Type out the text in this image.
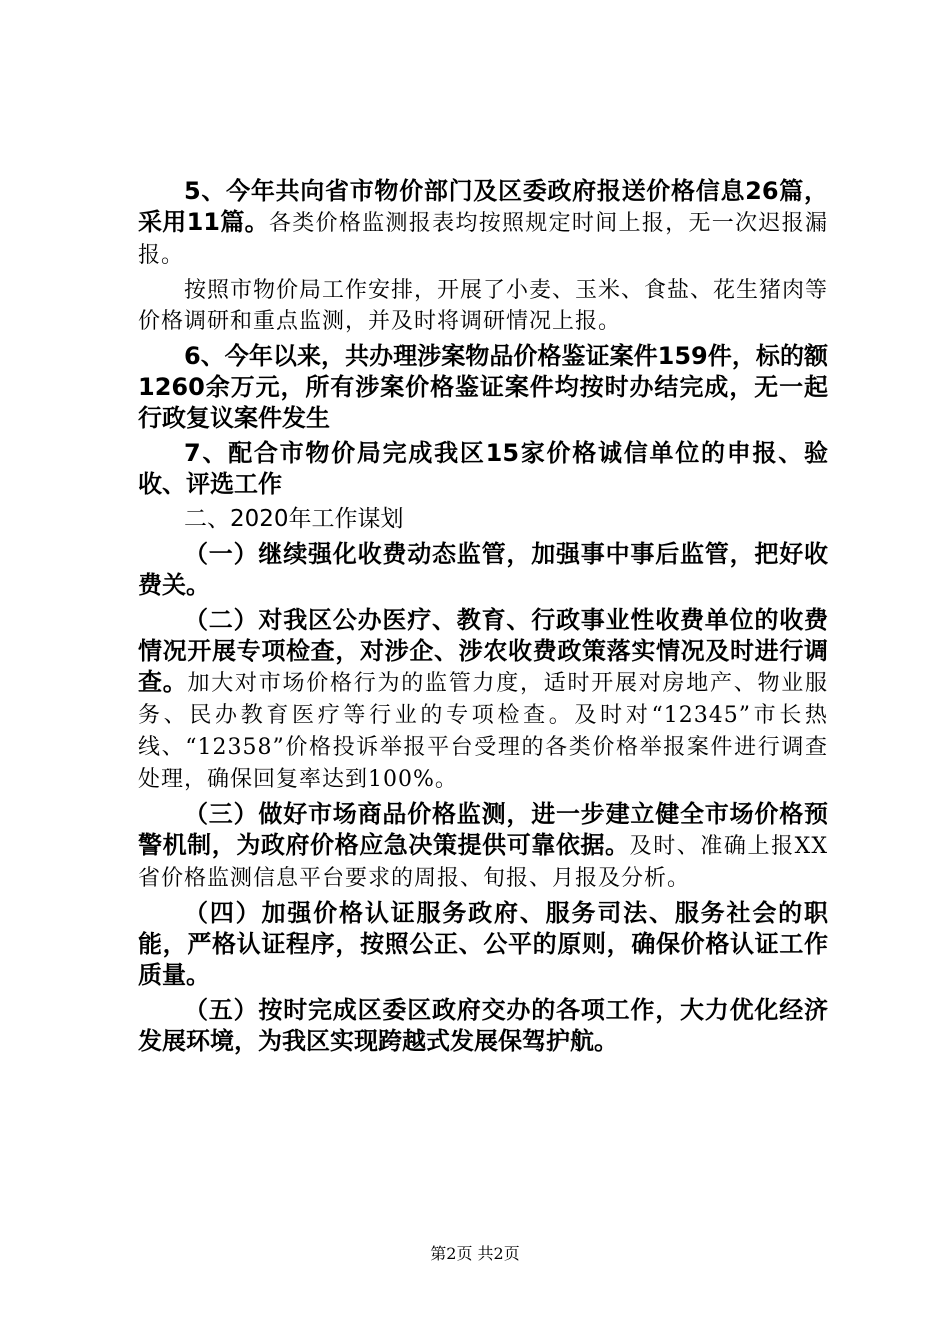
5、今年共向省市物价部门及区委政府报送价格信息26篇，采用11篇。各类价格监测报表均按照规定时间上报，无一次迟报漏报。

按照市物价局工作安排，开展了小麦、玉米、食盐、花生猪肉等价格调研和重点监测，并及时将调研情况上报。

6、今年以来，共办理涉案物品价格鉴证案件159件，标的额1260余万元，所有涉案价格鉴证案件均按时办结完成，无一起行政复议案件发生

7、配合市物价局完成我区15家价格诚信单位的申报、验收、评选工作

二、2020年工作谋划

（一）继续强化收费动态监管，加强事中事后监管，把好收费关。

（二）对我区公办医疗、教育、行政事业性收费单位的收费情况开展专项检查，对涉企、涉农收费政策落实情况及时进行调查。加大对市场价格行为的监管力度，适时开展对房地产、物业服务、民办教育医疗等行业的专项检查。及时对“12345”市长热线、“12358”价格投诉举报平台受理的各类价格举报案件进行调查处理，确保回复率达到100%。

（三）做好市场商品价格监测，进一步建立健全市场价格预警机制，为政府价格应急决策提供可靠依据。及时、准确上报XX省价格监测信息平台要求的周报、旬报、月报及分析。

（四）加强价格认证服务政府、服务司法、服务社会的职能，严格认证程序，按照公正、公平的原则，确保价格认证工作质量。

（五）按时完成区委区政府交办的各项工作，大力优化经济发展环境，为我区实现跨越式发展保驾护航。

第2页 共2页
